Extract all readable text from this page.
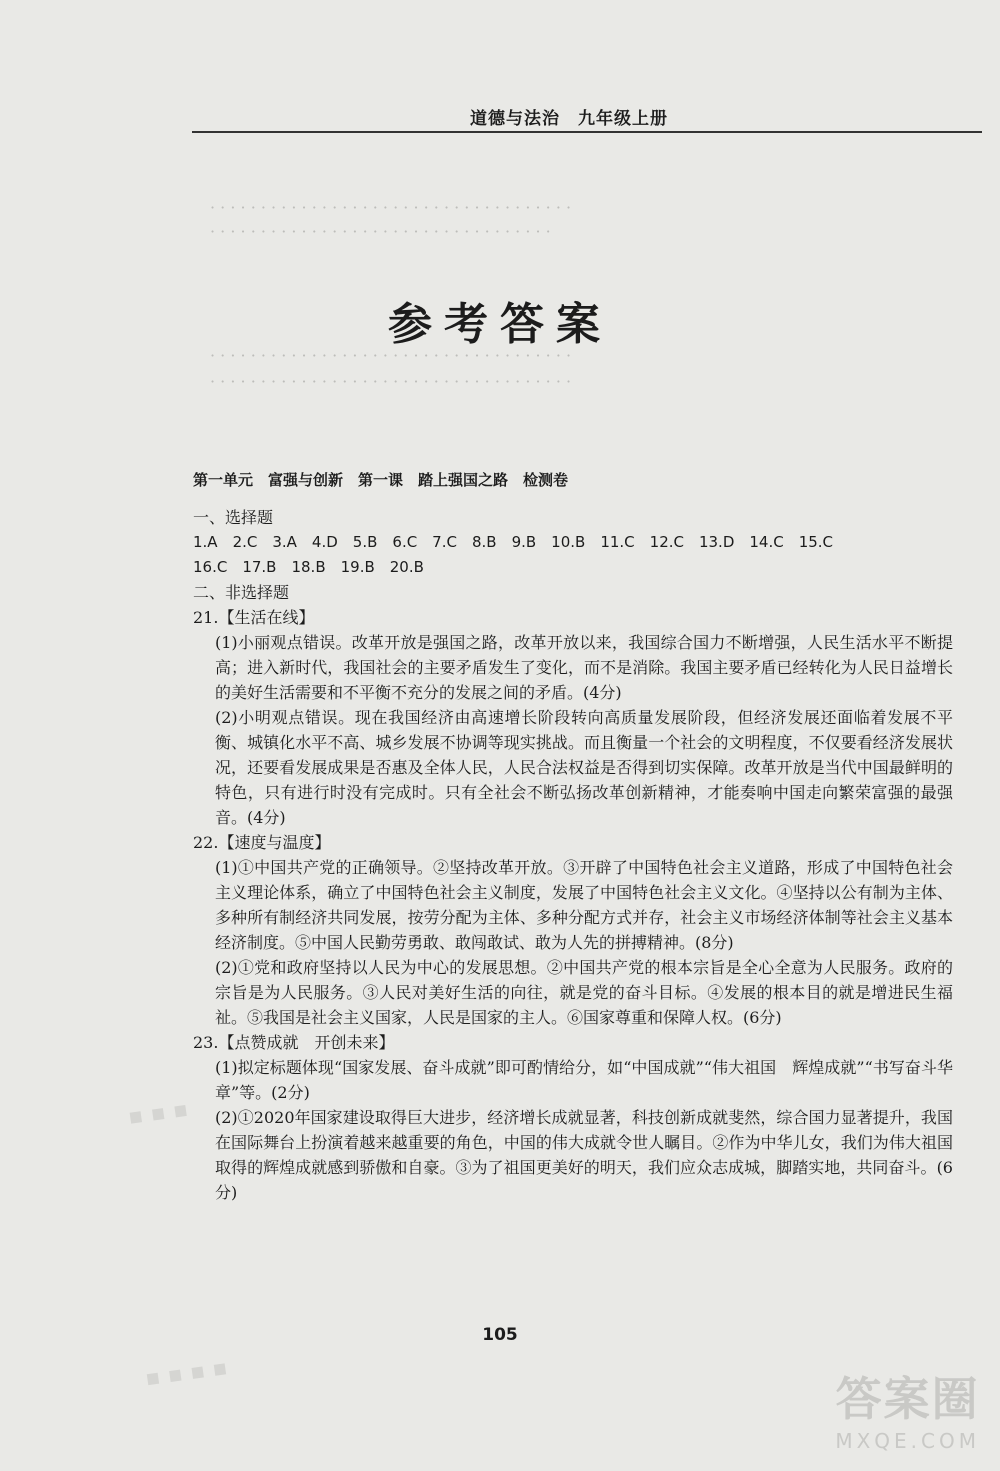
道德与法治　九年级上册
· · · · · · · · · · · · · · · · · · · · · · · · · · · · · · · · · · · ·
· · · · · · · · · · · · · · · · · · · · · · · · · · · · · · · · · ·
· · · · · · · · · · · · · · · · · · · · · · · · · · · · · · · · · · · ·
· · · · · · · · · · · · · · · · · · · · · · · · · · · · · · · · · · · ·
参考答案
第一单元　富强与创新　第一课　踏上强国之路　检测卷
一、选择题
1.A　2.C　3.A　4.D　5.B　6.C　7.C　8.B　9.B　10.B　11.C　12.C　13.D　14.C　15.C
16.C　17.B　18.B　19.B　20.B
二、非选择题
21.【生活在线】

(1)小丽观点错误。改革开放是强国之路，改革开放以来，我国综合国力不断增强，人民生活水平不断提高；进入新时代，我国社会的主要矛盾发生了变化，而不是消除。我国主要矛盾已经转化为人民日益增长的美好生活需要和不平衡不充分的发展之间的矛盾。(4分)

(2)小明观点错误。现在我国经济由高速增长阶段转向高质量发展阶段，但经济发展还面临着发展不平衡、城镇化水平不高、城乡发展不协调等现实挑战。而且衡量一个社会的文明程度，不仅要看经济发展状况，还要看发展成果是否惠及全体人民，人民合法权益是否得到切实保障。改革开放是当代中国最鲜明的特色，只有进行时没有完成时。只有全社会不断弘扬改革创新精神，才能奏响中国走向繁荣富强的最强音。(4分)

22.【速度与温度】

(1)①中国共产党的正确领导。②坚持改革开放。③开辟了中国特色社会主义道路，形成了中国特色社会主义理论体系，确立了中国特色社会主义制度，发展了中国特色社会主义文化。④坚持以公有制为主体、多种所有制经济共同发展，按劳分配为主体、多种分配方式并存，社会主义市场经济体制等社会主义基本经济制度。⑤中国人民勤劳勇敢、敢闯敢试、敢为人先的拼搏精神。(8分)

(2)①党和政府坚持以人民为中心的发展思想。②中国共产党的根本宗旨是全心全意为人民服务。政府的宗旨是为人民服务。③人民对美好生活的向往，就是党的奋斗目标。④发展的根本目的就是增进民生福祉。⑤我国是社会主义国家，人民是国家的主人。⑥国家尊重和保障人权。(6分)

23.【点赞成就　开创未来】

(1)拟定标题体现“国家发展、奋斗成就”即可酌情给分，如“中国成就”“伟大祖国　辉煌成就”“书写奋斗华章”等。(2分)

(2)①2020年国家建设取得巨大进步，经济增长成就显著，科技创新成就斐然，综合国力显著提升，我国在国际舞台上扮演着越来越重要的角色，中国的伟大成就令世人瞩目。②作为中华儿女，我们为伟大祖国取得的辉煌成就感到骄傲和自豪。③为了祖国更美好的明天，我们应众志成城，脚踏实地，共同奋斗。(6分)

▪ ▪ ▪
▪ ▪ ▪ ▪
105
答案圈
MXQE.COM
